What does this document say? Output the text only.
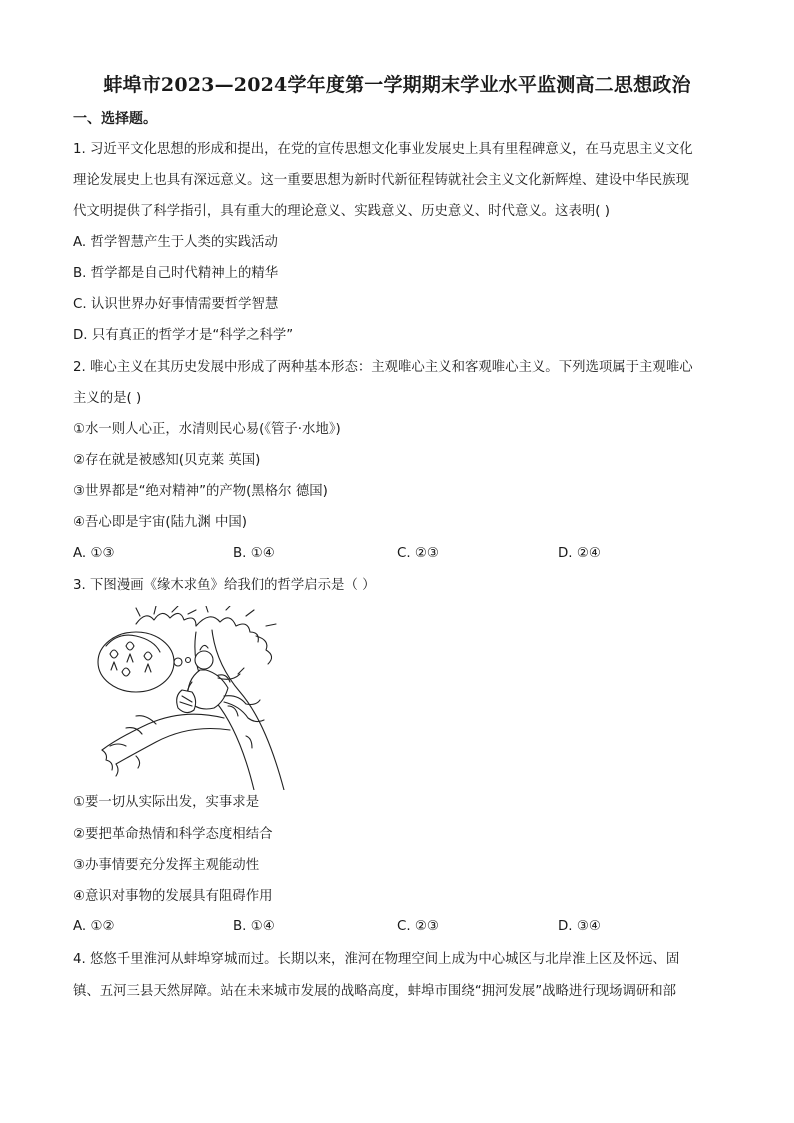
蚌埠市2023—2024学年度第一学期期末学业水平监测高二思想政治
一、选择题。
1. 习近平文化思想的形成和提出，在党的宣传思想文化事业发展史上具有里程碑意义，在马克思主义文化
理论发展史上也具有深远意义。这一重要思想为新时代新征程铸就社会主义文化新辉煌、建设中华民族现
代文明提供了科学指引，具有重大的理论意义、实践意义、历史意义、时代意义。这表明( )
A. 哲学智慧产生于人类的实践活动
B. 哲学都是自己时代精神上的精华
C. 认识世界办好事情需要哲学智慧
D. 只有真正的哲学才是“科学之科学”
2. 唯心主义在其历史发展中形成了两种基本形态：主观唯心主义和客观唯心主义。下列选项属于主观唯心
主义的是( )
①水一则人心正，水清则民心易(《管子·水地》)
②存在就是被感知(贝克莱 英国)
③世界都是“绝对精神”的产物(黑格尔 德国)
④吾心即是宇宙(陆九渊 中国)
A. ①③	B. ①④	C. ②③	D. ②④
3. 下图漫画《缘木求鱼》给我们的哲学启示是（ ）
①要一切从实际出发，实事求是
②要把革命热情和科学态度相结合
③办事情要充分发挥主观能动性
④意识对事物的发展具有阻碍作用
A. ①②	B. ①④	C. ②③	D. ③④
4. 悠悠千里淮河从蚌埠穿城而过。长期以来，淮河在物理空间上成为中心城区与北岸淮上区及怀远、固
镇、五河三县天然屏障。站在未来城市发展的战略高度，蚌埠市围绕“拥河发展”战略进行现场调研和部
